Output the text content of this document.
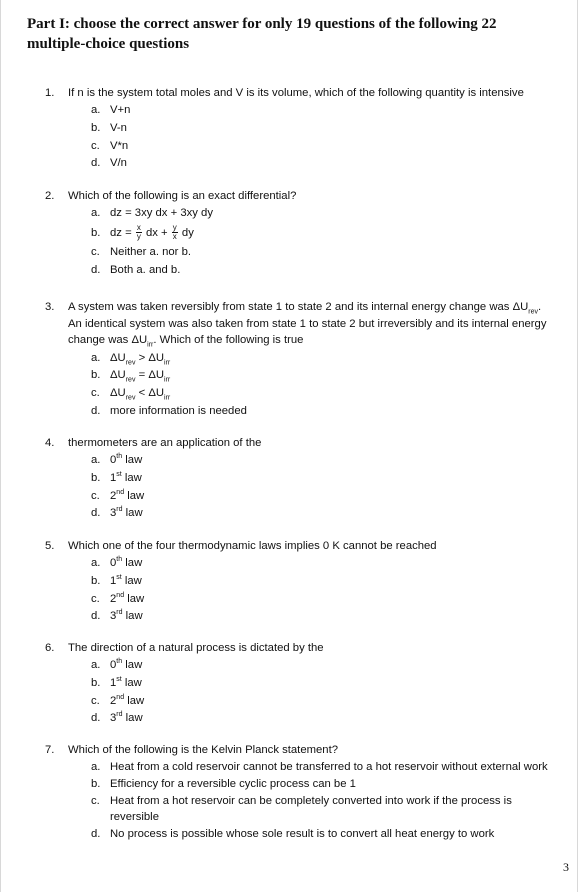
Part I: choose the correct answer for only 19 questions of the following 22 multiple-choice questions
1.	If n is the system total moles and V is its volume, which of the following quantity is intensive
a. V+n
b. V-n
c. V*n
d. V/n
2.	Which of the following is an exact differential?
a. dz = 3xy dx + 3xy dy
b. dz = $\frac{x}{y}$ dx + $\frac{y}{x}$ dy
c. Neither a. nor b.
d. Both a. and b.
3.	A system was taken reversibly from state 1 to state 2 and its internal energy change was $\Delta U_{rev}$. An identical system was also taken from state 1 to state 2 but irreversibly and its internal energy change was $\Delta U_{irr}$. Which of the following is true
a. $\Delta U_{rev} > \Delta U_{irr}$
b. $\Delta U_{rev} = \Delta U_{irr}$
c. $\Delta U_{rev} < \Delta U_{irr}$
d. more information is needed
4.	thermometers are an application of the
a. 0th law
b. 1st law
c. 2nd law
d. 3rd law
5.	Which one of the four thermodynamic laws implies 0 K cannot be reached
a. 0th law
b. 1st law
c. 2nd law
d. 3rd law
6.	The direction of a natural process is dictated by the
a. 0th law
b. 1st law
c. 2nd law
d. 3rd law
7.	Which of the following is the Kelvin Planck statement?
a. Heat from a cold reservoir cannot be transferred to a hot reservoir without external work
b. Efficiency for a reversible cyclic process can be 1
c. Heat from a hot reservoir can be completely converted into work if the process is reversible
d. No process is possible whose sole result is to convert all heat energy to work
3
